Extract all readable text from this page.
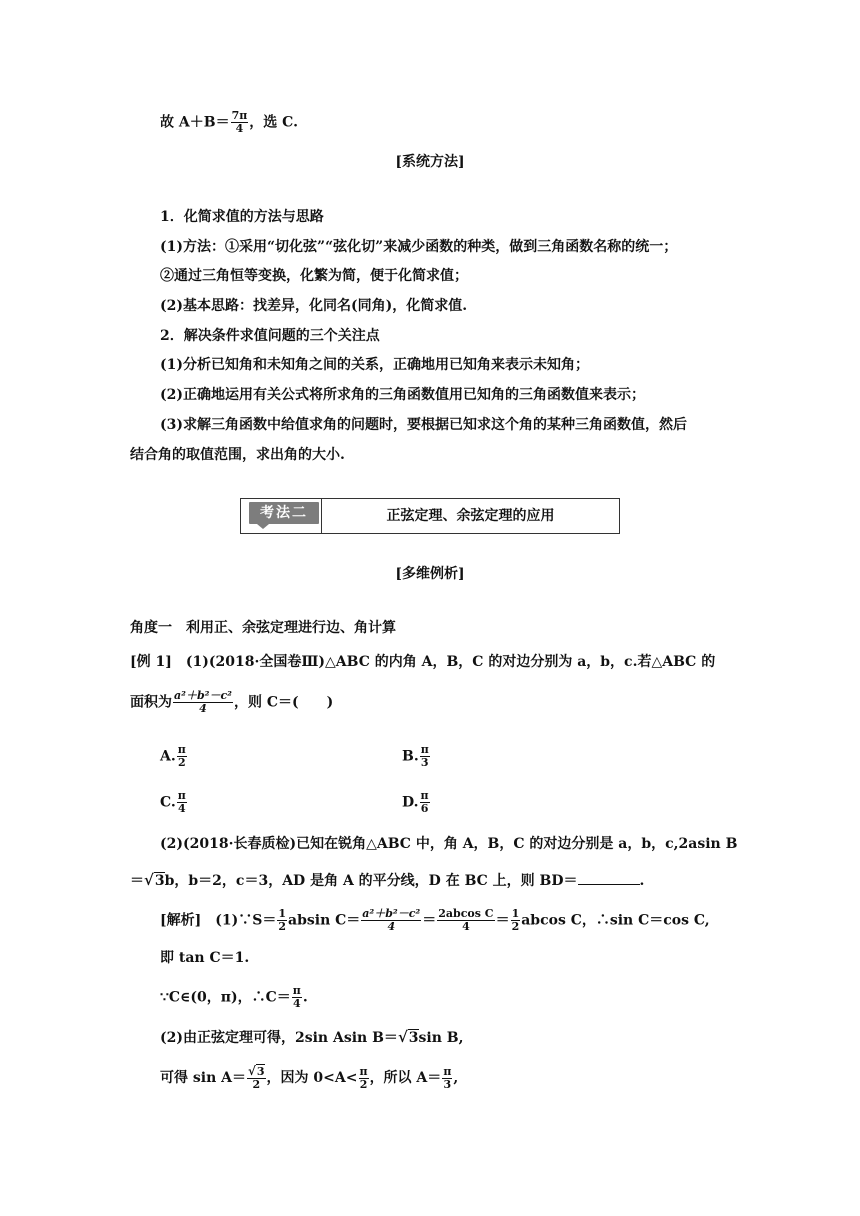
故 $A+B= \frac{7\pi}{4}$ ，选 C.
[系统方法]
1．化简求值的方法与思路
(1)方法：①采用“切化弦”“弦化切”来减少函数的种类，做到三角函数名称的统一；
②通过三角恒等变换，化繁为简，便于化简求值；
(2)基本思路：找差异，化同名(同角)，化简求值.
2．解决条件求值问题的三个关注点
(1)分析已知角和未知角之间的关系，正确地用已知角来表示未知角；
(2)正确地运用有关公式将所求角的三角函数值用已知角的三角函数值来表示；
(3)求解三角函数中给值求角的问题时，要根据已知求这个角的某种三角函数值，然后
结合角的取值范围，求出角的大小.
考法二	正弦定理、余弦定理的应用
[多维例析]
角度一　利用正、余弦定理进行边、角计算
[例 1]　 (1)(2018·全国卷Ⅲ)△ABC 的内角 A，B，C 的对边分别为 a，b，c.若△ABC 的
面积为 $\frac{\text{a²＋b²－c²}}{4}$ ，则 C＝(　　)
A. $\frac{\pi}{2}$	B. $\frac{\pi}{3}$
C. $\frac{\pi}{4}$	D. $\frac{\pi}{6}$
(2)(2018·长春质检)已知在锐角△ABC 中，角 A，B，C 的对边分别是 a，b，c,2asin B
＝√3b，b＝2，c＝3，AD 是角 A 的平分线，D 在 BC 上，则 BD＝	.
[解析]　 (1)∵S＝ $\frac{1}{2}$ absin $C= \frac{\text{a²＋b²－c²}}{4} = \frac{\text{2abcos C}}{4} = \frac{1}{2}$ abcos C，∴sin C＝cos C,
即 tan C＝1.
∵C∈(0，π)，∴C＝ $\frac{\pi}{4}$ .
(2)由正弦定理可得，2sin Asin B＝√3sin B,
可得 $\sin A= \frac{√3}{2}$ ，因为 $0<A< \frac{\pi}{2}$ ，所以 $A= \frac{\pi}{3}$ ,
